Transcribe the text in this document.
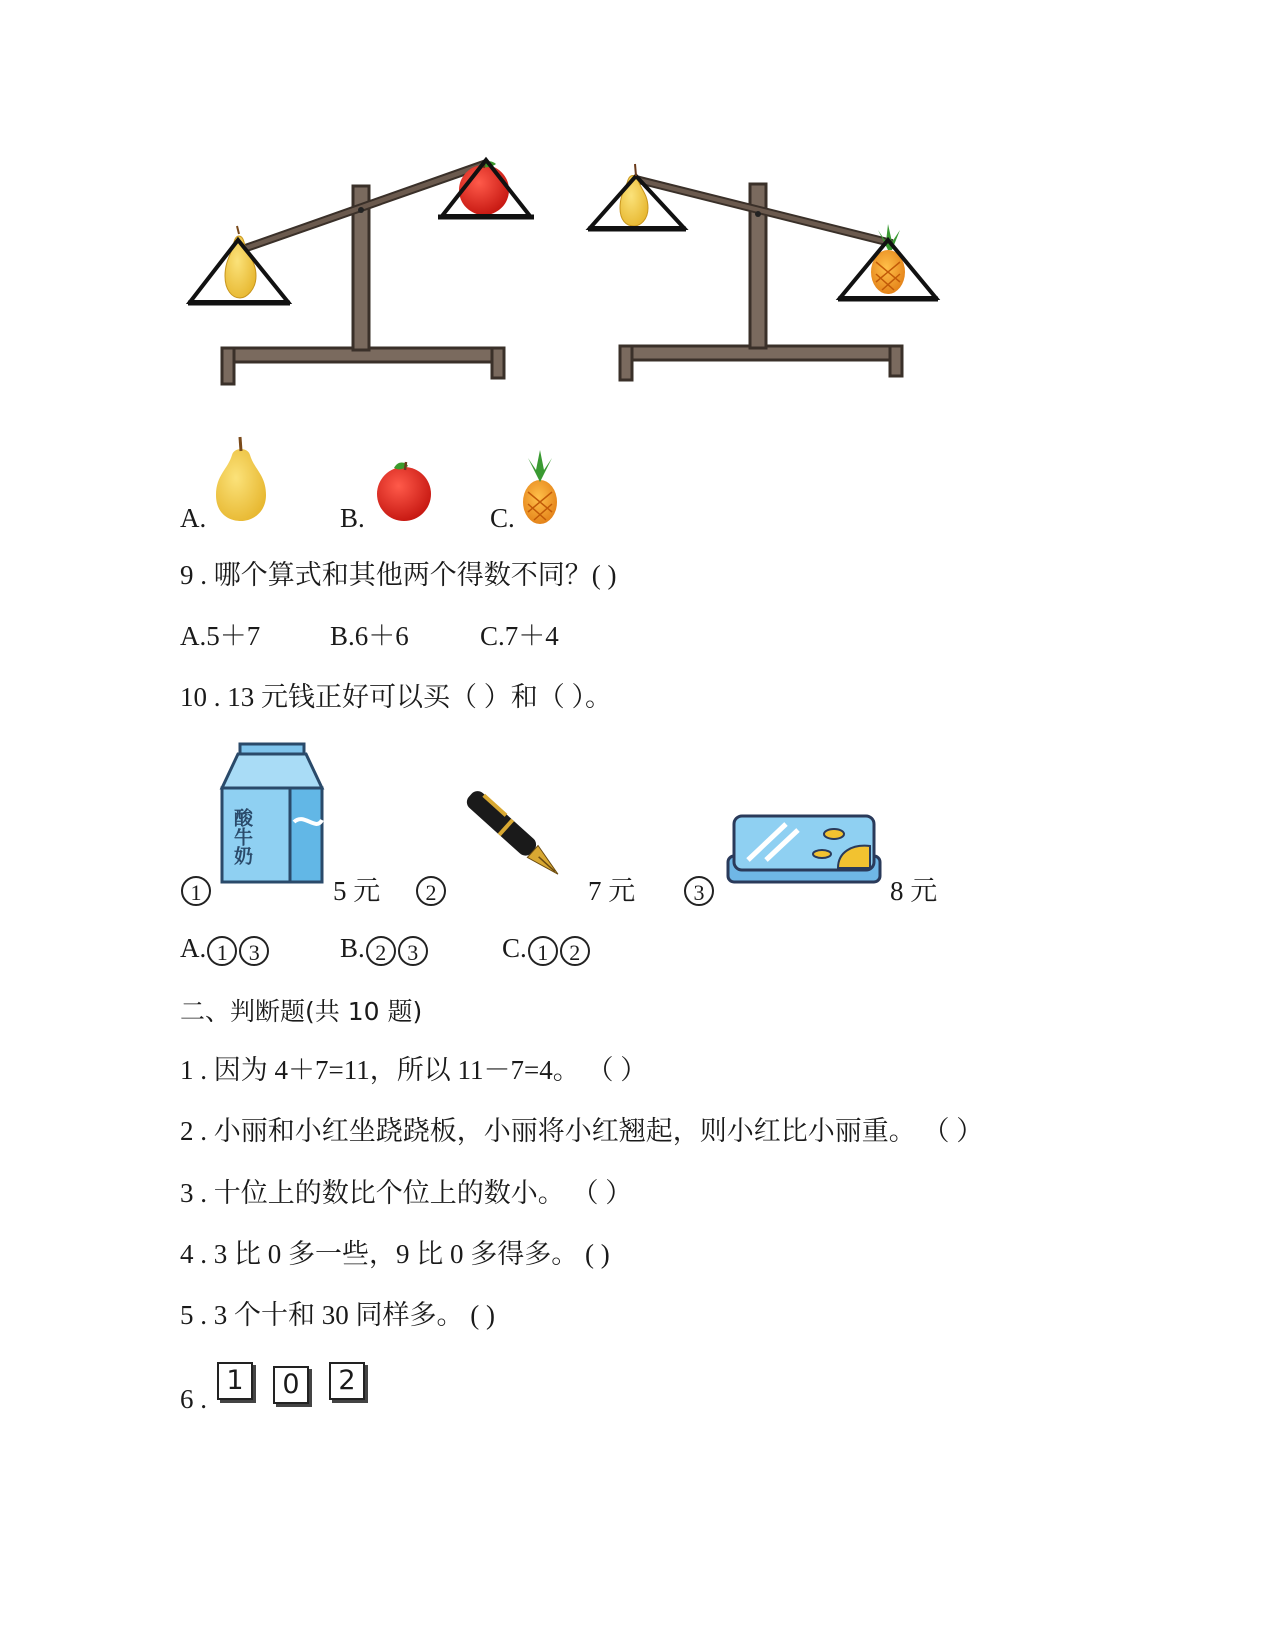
A.	B.	C.
9 . 哪个算式和其他两个得数不同？( )
A.5＋7	B.6＋6	C.7＋4
10 . 13 元钱正好可以买（ ）和（ ）。
1
酸牛奶
5 元	2	7 元	3	8 元
A. 1 3	B. 2 3	C. 1 2
二、判断题(共 10 题)
1 . 因为 4＋7=11，所以 11－7=4。 （ ）
2 . 小丽和小红坐跷跷板，小丽将小红翘起，则小红比小丽重。 （ ）
3 . 十位上的数比个位上的数小。 （ ）
4 . 3 比 0 多一些，9 比 0 多得多。 ( )
5 . 3 个十和 30 同样多。 ( )
6 .
1	0	2
